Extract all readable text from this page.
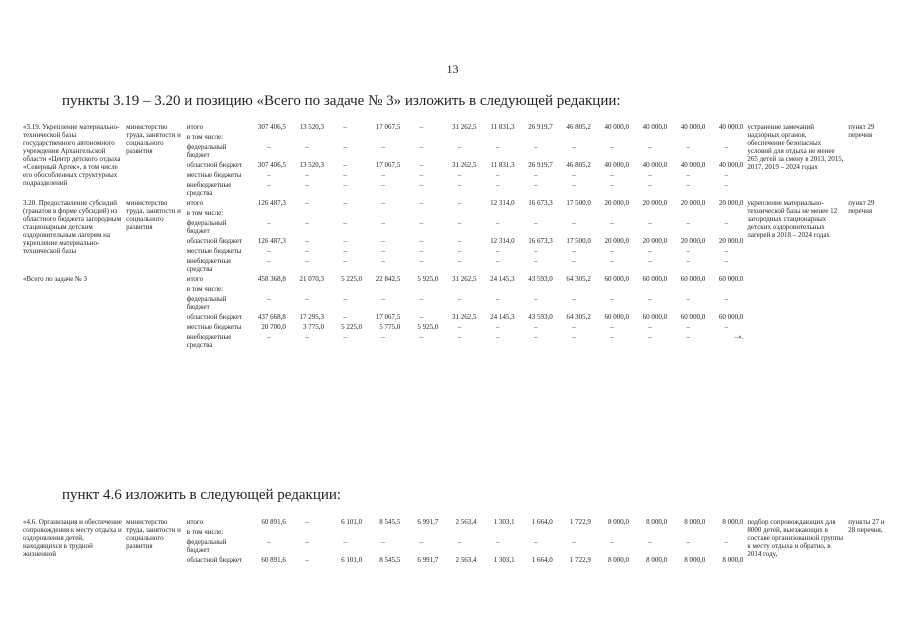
13
пункты 3.19 – 3.20 и позицию «Всего по задаче № 3» изложить в следующей редакции:
«3.19. Укрепление материально-технической базы государственного автономного учреждения Архангельской области «Центр детского отдыха «Северный Артек», в том числе его обособленных структурных подразделений	министерство труда, занятости и социального развития	итого	307 406,5	13 520,3	–	17 067,5	–	31 262,5	11 831,3	26 919,7	46 805,2	40 000,0	40 000,0	40 000,0	40 000,0	устранение замечаний надзорных органов, обеспечение безопасных условий для отдыха не менее 265 детей за смену в 2013, 2015, 2017, 2019 – 2024 годах	пункт 29 перечня
		в том числе:															
		федеральный бюджет	–	–	–	–	–	–	–	–	–	–	–	–	–		
		областной бюджет	307 406,5	13 520,3	–	17 067,5	–	31 262,5	11 831,3	26 919,7	46 805,2	40 000,0	40 000,0	40 000,0	40 000,0		
		местные бюджеты	–	–	–	–	–	–	–	–	–	–	–	–	–		
		внебюджетные средства	–	–	–	–	–	–	–	–	–	–	–	–	–		
3.20. Предоставление субсидий (гранатов в форме субсидий) из областного бюджета загородным стационарным детским оздоровительным лагерям на укрепление материально-технической базы	министерство труда, занятости и социального развития	итого	126 487,3	–	–	–	–	–	12 314,0	16 673,3	17 500,0	20 000,0	20 000,0	20 000,0	20 000,0	укрепление материально-технической базы не менее 12 загородных стационарных детских оздоровительных лагерей в 2018 – 2024 годах	пункт 29 перечня
		в том числе:															
		федеральный бюджет	–	–	–	–	–	–	–	–	–	–	–	–	–		
		областной бюджет	126 487,3	–	–	–	–	–	12 314,0	16 673,3	17 500,0	20 000,0	20 000,0	20 000,0	20 000,0		
		местные бюджеты	–	–	–	–	–	–	–	–	–	–	–	–	–		
		внебюджетные средства	–	–	–	–	–	–	–	–	–	–	–	–	–		
«Всего по задаче № 3		итого	458 368,8	21 070,3	5 225,0	22 842,5	5 925,0	31 262,5	24 145,3	43 593,0	64 305,2	60 000,0	60 000,0	60 000,0	60 000,0		
		в том числе:															
		федеральный бюджет	–	–	–	–	–	–	–	–	–	–	–	–	–		
		областной бюджет	437 668,8	17 295,3	–	17 067,5	–	31 262,5	24 145,3	43 593,0	64 305,2	60 000,0	60 000,0	60 000,0	60 000,0		
		местные бюджеты	20 700,0	3 775,0	5 225,0	5 775,0	5 925,0	–	–	–	–	–	–	–	–		
		внебюджетные средства	–	–	–	–	–	–	–	–	–	–	–	–	–».		
пункт 4.6 изложить в следующей редакции:
«4.6. Организация и обеспечение сопровождения к месту отдыха и оздоровления детей, находящихся в трудной жизненной	министерство труда, занятости и социального развития	итого	60 891,6	–	6 101,0	8 545,5	6 991,7	2 563,4	1 303,1	1 664,0	1 722,9	8 000,0	8 000,0	8 000,0	8 000,0	подбор сопровождающих для 8000 детей, выезжающих в составе организованной группы к месту отдыха и обратно, в 2014 году,	пункты 27 и 28 перечня,
		в том числе:															
		федеральный бюджет	–	–	–	–	–	–	–	–	–	–	–	–	–		
		областной бюджет	60 891,6	–	6 101,0	8 545,5	6 991,7	2 563,4	1 303,1	1 664,0	1 722,9	8 000,0	8 000,0	8 000,0	8 000,0		
